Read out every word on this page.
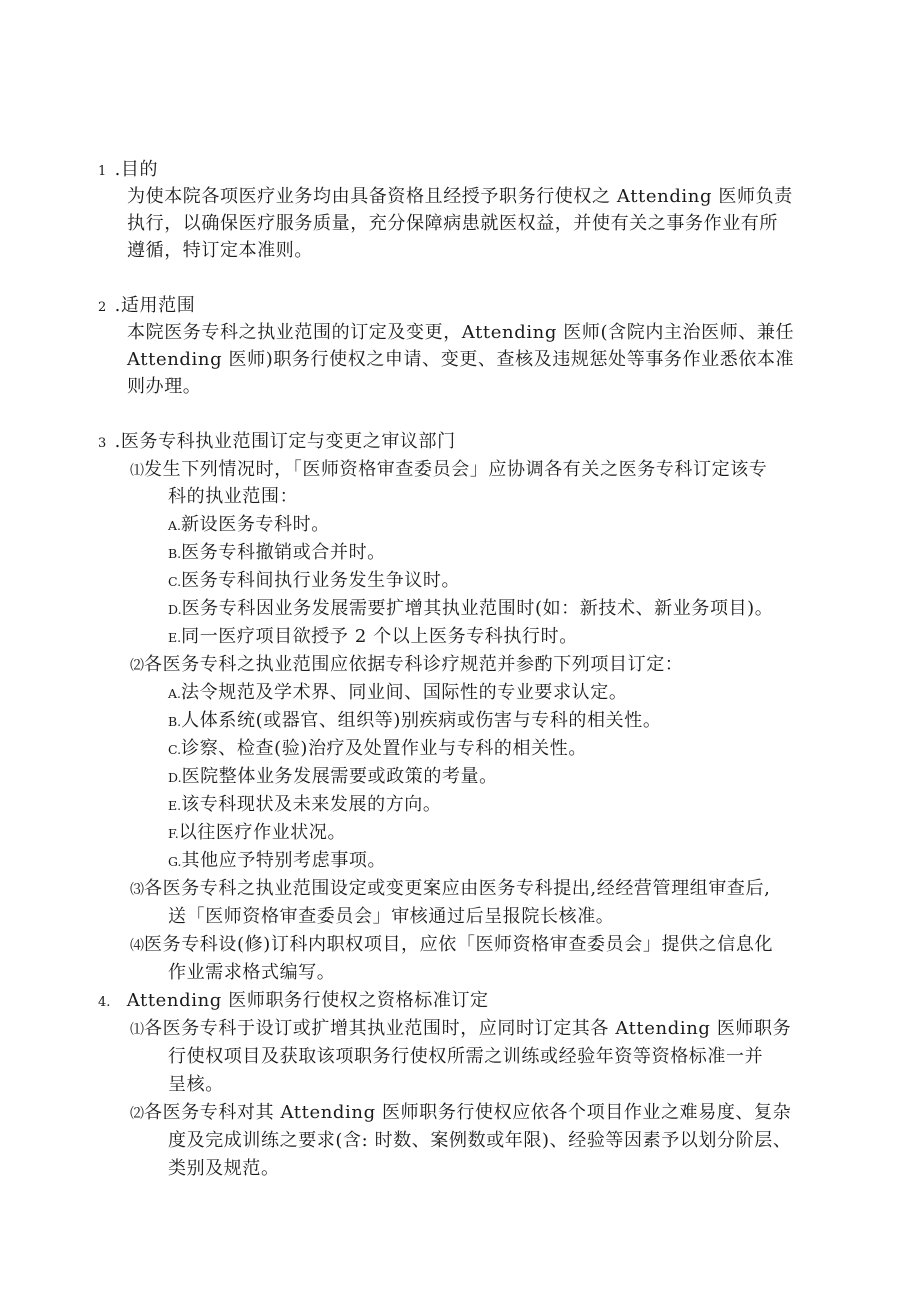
1 .目的
为使本院各项医疗业务均由具备资格且经授予职务行使权之 Attending 医师负责
执行，以确保医疗服务质量，充分保障病患就医权益，并使有关之事务作业有所
遵循，特订定本准则。
2 .适用范围
本院医务专科之执业范围的订定及变更，Attending 医师(含院内主治医师、兼任
Attending 医师)职务行使权之申请、变更、查核及违规惩处等事务作业悉依本准
则办理。
3 .医务专科执业范围订定与变更之审议部门
⑴发生下列情况时，「医师资格审查委员会」应协调各有关之医务专科订定该专
科的执业范围：
A.新设医务专科时。
B.医务专科撤销或合并时。
C.医务专科间执行业务发生争议时。
D.医务专科因业务发展需要扩增其执业范围时(如：新技术、新业务项目)。
E.同一医疗项目欲授予 2 个以上医务专科执行时。
⑵各医务专科之执业范围应依据专科诊疗规范并参酌下列项目订定：
A.法令规范及学术界、同业间、国际性的专业要求认定。
B.人体系统(或器官、组织等)别疾病或伤害与专科的相关性。
C.诊察、检查(验)治疗及处置作业与专科的相关性。
D.医院整体业务发展需要或政策的考量。
E.该专科现状及未来发展的方向。
F.以往医疗作业状况。
G.其他应予特别考虑事项。
⑶各医务专科之执业范围设定或变更案应由医务专科提出,经经营管理组审查后,
送「医师资格审查委员会」审核通过后呈报院长核准。
⑷医务专科设(修)订科内职权项目，应依「医师资格审查委员会」提供之信息化
作业需求格式编写。
4. Attending 医师职务行使权之资格标准订定
⑴各医务专科于设订或扩增其执业范围时，应同时订定其各 Attending 医师职务
行使权项目及获取该项职务行使权所需之训练或经验年资等资格标准一并
呈核。
⑵各医务专科对其 Attending 医师职务行使权应依各个项目作业之难易度、复杂
度及完成训练之要求(含: 时数、案例数或年限)、经验等因素予以划分阶层、
类别及规范。
